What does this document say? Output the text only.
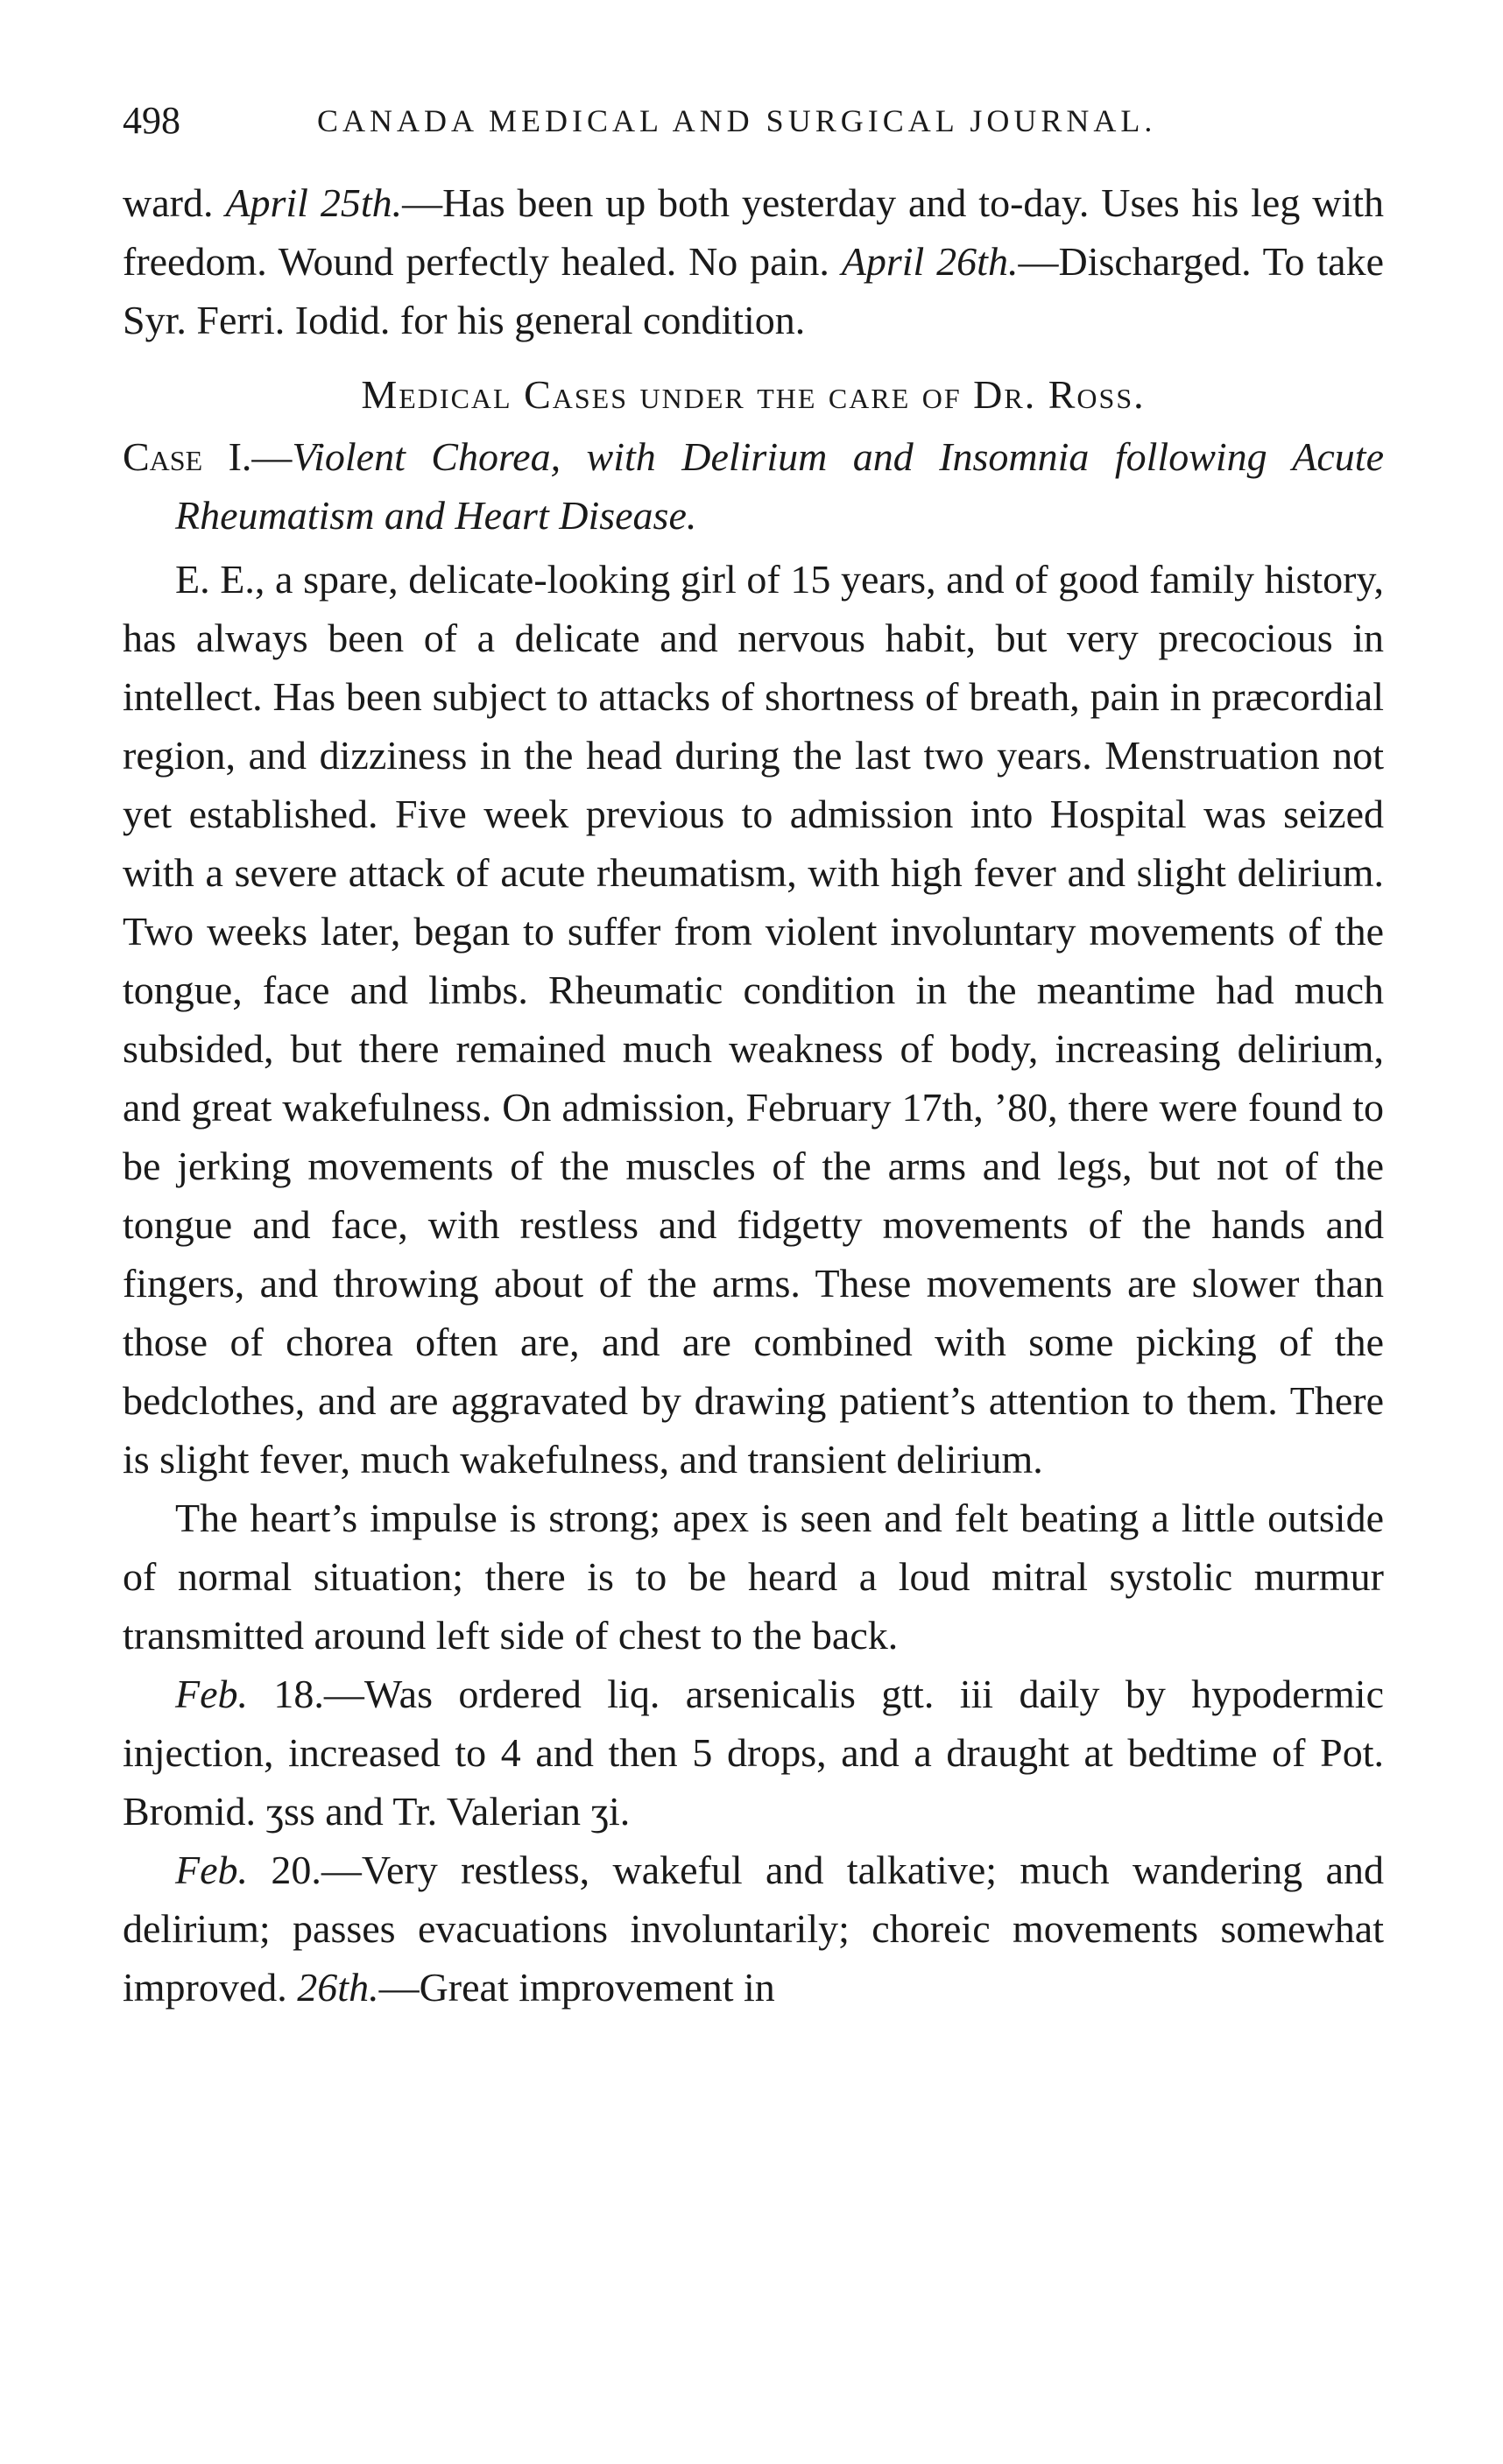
498	CANADA MEDICAL AND SURGICAL JOURNAL.

ward. April 25th.—Has been up both yesterday and to-day. Uses his leg with freedom. Wound perfectly healed. No pain. April 26th.—Discharged. To take Syr. Ferri. Iodid. for his general condition.

Medical Cases under the care of Dr. Ross.

Case I.—Violent Chorea, with Delirium and Insomnia following Acute Rheumatism and Heart Disease.

E. E., a spare, delicate-looking girl of 15 years, and of good family history, has always been of a delicate and nervous habit, but very precocious in intellect. Has been subject to attacks of shortness of breath, pain in præcordial region, and dizziness in the head during the last two years. Menstruation not yet established. Five week previous to admission into Hospital was seized with a severe attack of acute rheumatism, with high fever and slight delirium. Two weeks later, began to suffer from violent involuntary movements of the tongue, face and limbs. Rheumatic condition in the meantime had much subsided, but there remained much weakness of body, increasing delirium, and great wakefulness. On admission, February 17th, ’80, there were found to be jerking movements of the muscles of the arms and legs, but not of the tongue and face, with restless and fidgetty movements of the hands and fingers, and throwing about of the arms. These movements are slower than those of chorea often are, and are combined with some picking of the bedclothes, and are aggravated by drawing patient’s attention to them. There is slight fever, much wakefulness, and transient delirium.

The heart’s impulse is strong; apex is seen and felt beating a little outside of normal situation; there is to be heard a loud mitral systolic murmur transmitted around left side of chest to the back.

Feb. 18.—Was ordered liq. arsenicalis gtt. iii daily by hypodermic injection, increased to 4 and then 5 drops, and a draught at bedtime of Pot. Bromid. ʒss and Tr. Valerian ʒi.

Feb. 20.—Very restless, wakeful and talkative; much wandering and delirium; passes evacuations involuntarily; choreic movements somewhat improved. 26th.—Great improvement in
